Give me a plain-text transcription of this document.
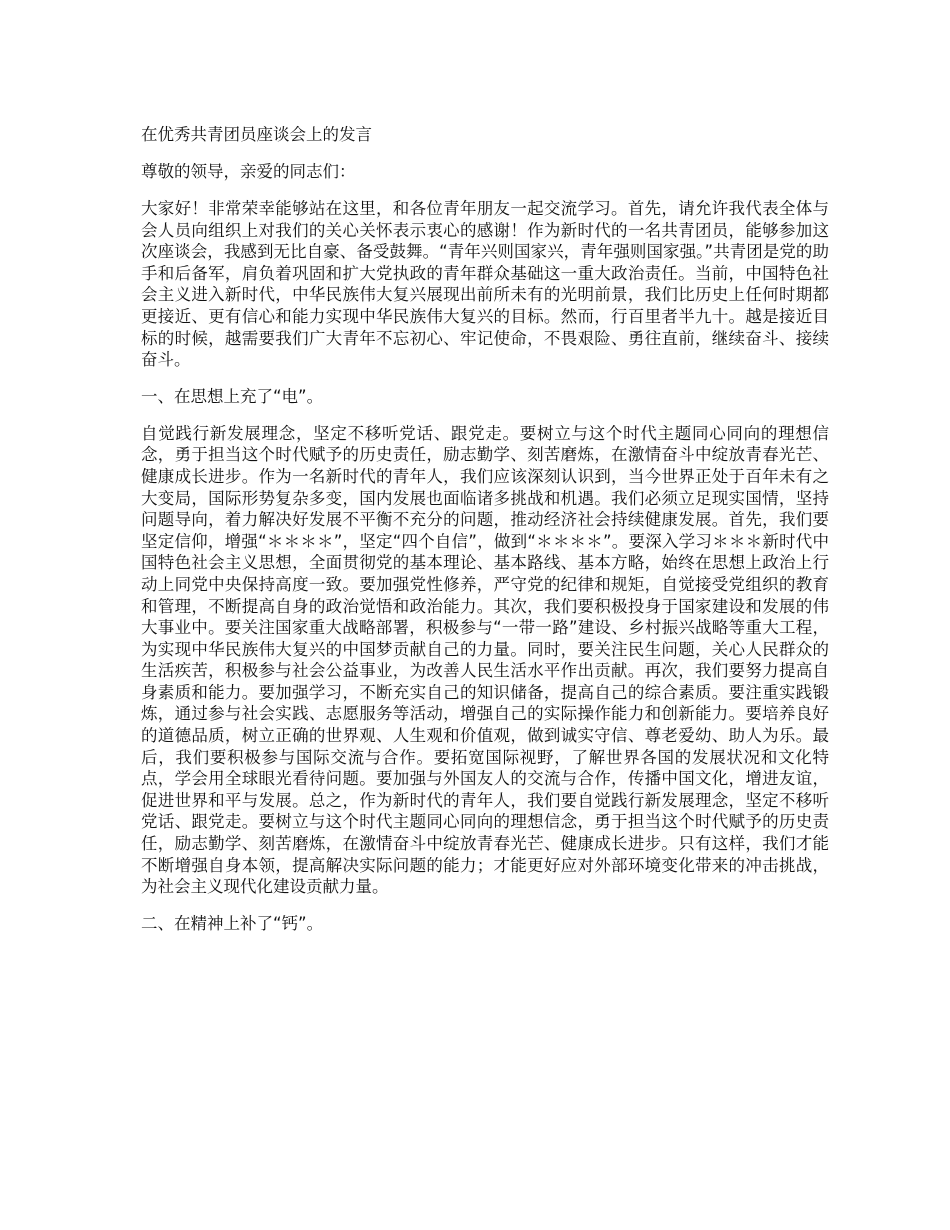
在优秀共青团员座谈会上的发言
尊敬的领导，亲爱的同志们：
大家好！非常荣幸能够站在这里，和各位青年朋友一起交流学习。首先，请允许我代表全体与会人员向组织上对我们的关心关怀表示衷心的感谢！作为新时代的一名共青团员，能够参加这次座谈会，我感到无比自豪、备受鼓舞。“青年兴则国家兴，青年强则国家强。”共青团是党的助手和后备军，肩负着巩固和扩大党执政的青年群众基础这一重大政治责任。当前，中国特色社会主义进入新时代，中华民族伟大复兴展现出前所未有的光明前景，我们比历史上任何时期都更接近、更有信心和能力实现中华民族伟大复兴的目标。然而，行百里者半九十。越是接近目标的时候，越需要我们广大青年不忘初心、牢记使命，不畏艰险、勇往直前，继续奋斗、接续奋斗。
一、在思想上充了“电”。
自觉践行新发展理念，坚定不移听党话、跟党走。要树立与这个时代主题同心同向的理想信念，勇于担当这个时代赋予的历史责任，励志勤学、刻苦磨炼，在激情奋斗中绽放青春光芒、健康成长进步。作为一名新时代的青年人，我们应该深刻认识到，当今世界正处于百年未有之大变局，国际形势复杂多变，国内发展也面临诸多挑战和机遇。我们必须立足现实国情，坚持问题导向，着力解决好发展不平衡不充分的问题，推动经济社会持续健康发展。首先，我们要坚定信仰，增强“＊＊＊＊”，坚定“四个自信”，做到“＊＊＊＊”。要深入学习＊＊＊新时代中国特色社会主义思想，全面贯彻党的基本理论、基本路线、基本方略，始终在思想上政治上行动上同党中央保持高度一致。要加强党性修养，严守党的纪律和规矩，自觉接受党组织的教育和管理，不断提高自身的政治觉悟和政治能力。其次，我们要积极投身于国家建设和发展的伟大事业中。要关注国家重大战略部署，积极参与“一带一路”建设、乡村振兴战略等重大工程，为实现中华民族伟大复兴的中国梦贡献自己的力量。同时，要关注民生问题，关心人民群众的生活疾苦，积极参与社会公益事业，为改善人民生活水平作出贡献。再次，我们要努力提高自身素质和能力。要加强学习，不断充实自己的知识储备，提高自己的综合素质。要注重实践锻炼，通过参与社会实践、志愿服务等活动，增强自己的实际操作能力和创新能力。要培养良好的道德品质，树立正确的世界观、人生观和价值观，做到诚实守信、尊老爱幼、助人为乐。最后，我们要积极参与国际交流与合作。要拓宽国际视野，了解世界各国的发展状况和文化特点，学会用全球眼光看待问题。要加强与外国友人的交流与合作，传播中国文化，增进友谊，促进世界和平与发展。总之，作为新时代的青年人，我们要自觉践行新发展理念，坚定不移听党话、跟党走。要树立与这个时代主题同心同向的理想信念，勇于担当这个时代赋予的历史责任，励志勤学、刻苦磨炼，在激情奋斗中绽放青春光芒、健康成长进步。只有这样，我们才能不断增强自身本领，提高解决实际问题的能力；才能更好应对外部环境变化带来的冲击挑战，为社会主义现代化建设贡献力量。
二、在精神上补了“钙”。
